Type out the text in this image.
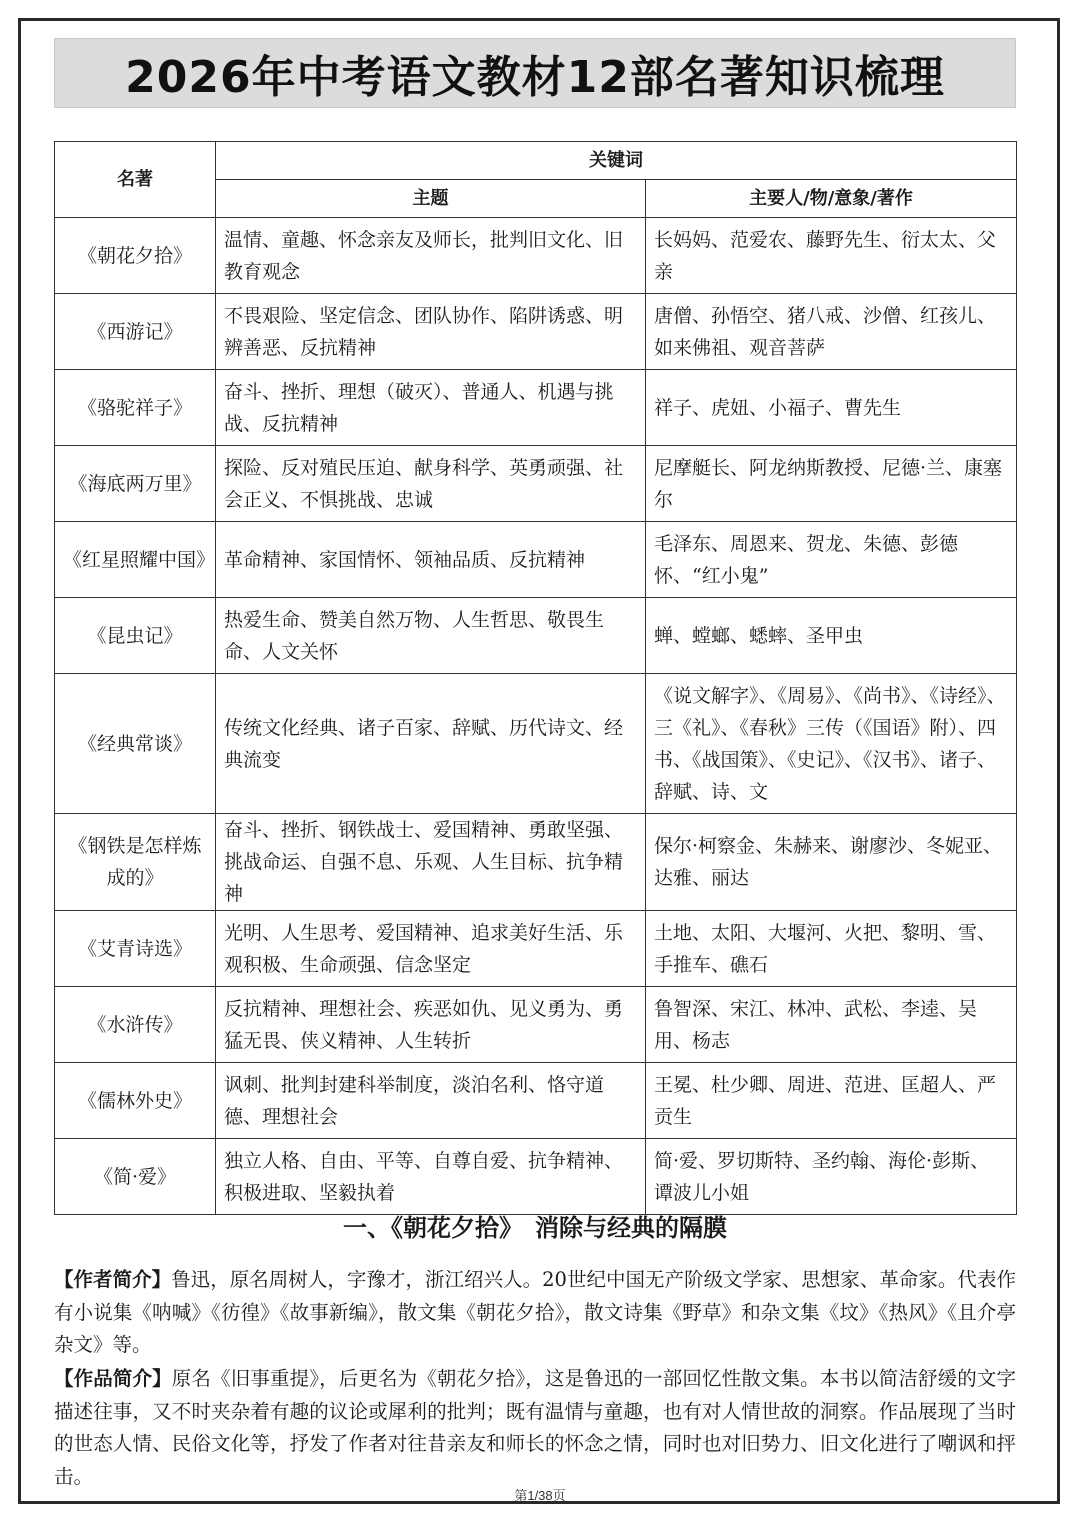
2026年中考语文教材12部名著知识梳理
名著	关键词	
	主题	主要人/物/意象/著作
《朝花夕拾》	温情、童趣、怀念亲友及师长，批判旧文化、旧教育观念	长妈妈、范爱农、藤野先生、衍太太、父亲
《西游记》	不畏艰险、坚定信念、团队协作、陷阱诱惑、明辨善恶、反抗精神	唐僧、孙悟空、猪八戒、沙僧、红孩儿、如来佛祖、观音菩萨
《骆驼祥子》	奋斗、挫折、理想（破灭）、普通人、机遇与挑战、反抗精神	祥子、虎妞、小福子、曹先生
《海底两万里》	探险、反对殖民压迫、献身科学、英勇顽强、社会正义、不惧挑战、忠诚	尼摩艇长、阿龙纳斯教授、尼德·兰、康塞尔
《红星照耀中国》	革命精神、家国情怀、领袖品质、反抗精神	毛泽东、周恩来、贺龙、朱德、彭德怀、“红小鬼”
《昆虫记》	热爱生命、赞美自然万物、人生哲思、敬畏生命、人文关怀	蝉、螳螂、蟋蟀、圣甲虫
《经典常谈》	传统文化经典、诸子百家、辞赋、历代诗文、经典流变	《说文解字》、《周易》、《尚书》、《诗经》、三《礼》、《春秋》三传（《国语》附）、四书、《战国策》、《史记》、《汉书》、诸子、辞赋、诗、文
《钢铁是怎样炼成的》	奋斗、挫折、钢铁战士、爱国精神、勇敢坚强、挑战命运、自强不息、乐观、人生目标、抗争精神	保尔·柯察金、朱赫来、谢廖沙、冬妮亚、达雅、丽达
《艾青诗选》	光明、人生思考、爱国精神、追求美好生活、乐观积极、生命顽强、信念坚定	土地、太阳、大堰河、火把、黎明、雪、手推车、礁石
《水浒传》	反抗精神、理想社会、疾恶如仇、见义勇为、勇猛无畏、侠义精神、人生转折	鲁智深、宋江、林冲、武松、李逵、吴用、杨志
《儒林外史》	讽刺、批判封建科举制度，淡泊名利、恪守道德、理想社会	王冕、杜少卿、周进、范进、匡超人、严贡生
《简·爱》	独立人格、自由、平等、自尊自爱、抗争精神、积极进取、坚毅执着	简·爱、罗切斯特、圣约翰、海伦·彭斯、谭波儿小姐
一、《朝花夕拾》　消除与经典的隔膜

【作者简介】鲁迅，原名周树人，字豫才，浙江绍兴人。20世纪中国无产阶级文学家、思想家、革命家。代表作有小说集《呐喊》《彷徨》《故事新编》，散文集《朝花夕拾》，散文诗集《野草》和杂文集《坟》《热风》《且介亭杂文》等。

【作品简介】原名《旧事重提》，后更名为《朝花夕拾》，这是鲁迅的一部回忆性散文集。本书以简洁舒缓的文字描述往事，又不时夹杂着有趣的议论或犀利的批判；既有温情与童趣，也有对人情世故的洞察。作品展现了当时的世态人情、民俗文化等，抒发了作者对往昔亲友和师长的怀念之情，同时也对旧势力、旧文化进行了嘲讽和抨击。

第1/38页
